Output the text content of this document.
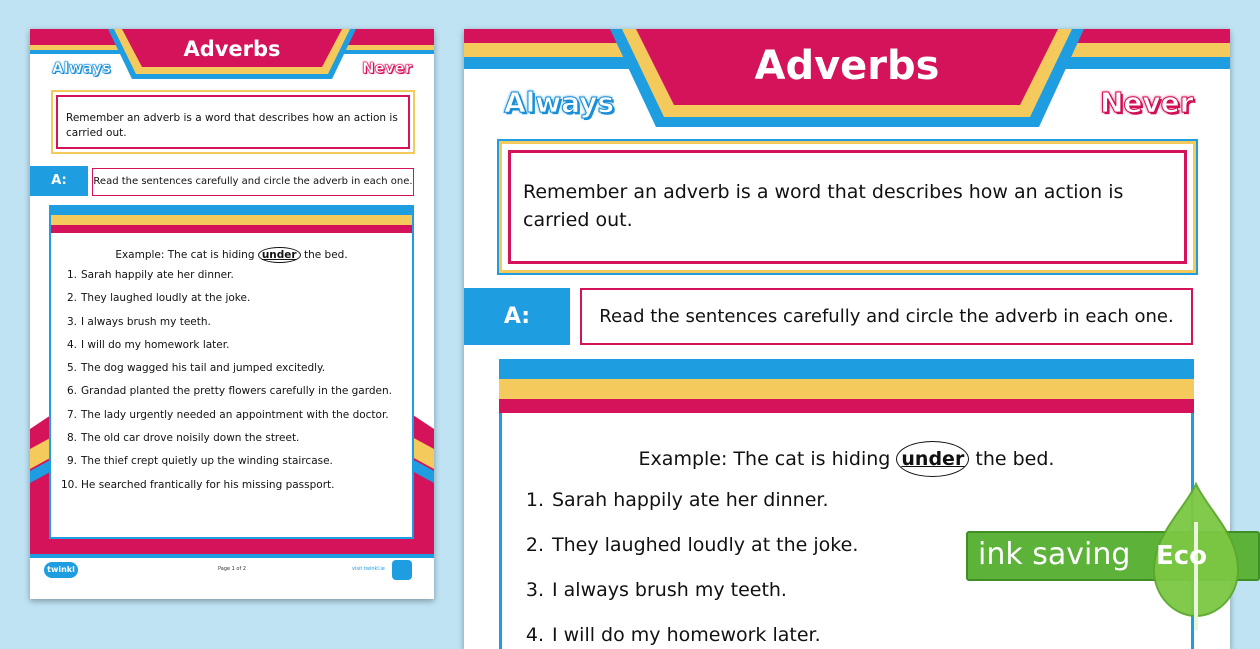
Adverbs
Always	Never
Remember an adverb is a word that describes how an action is carried out.
A:	Read the sentences carefully and circle the adverb in each one.
Example: The cat is hiding under the bed.
1. Sarah happily ate her dinner.
2. They laughed loudly at the joke.
3. I always brush my teeth.
4. I will do my homework later.
5. The dog wagged his tail and jumped excitedly.
6. Grandad planted the pretty flowers carefully in the garden.
7. The lady urgently needed an appointment with the doctor.
8. The old car drove noisily down the street.
9. The thief crept quietly up the winding staircase.
10. He searched frantically for his missing passport.
twinkl	Page 1 of 2	visit twinkl.ie
Adverbs
Always	Never
Remember an adverb is a word that describes how an action is carried out.
A:	Read the sentences carefully and circle the adverb in each one.
Example: The cat is hiding under the bed.
1. Sarah happily ate her dinner.
2. They laughed loudly at the joke.
3. I always brush my teeth.
4. I will do my homework later.
ink saving Eco
